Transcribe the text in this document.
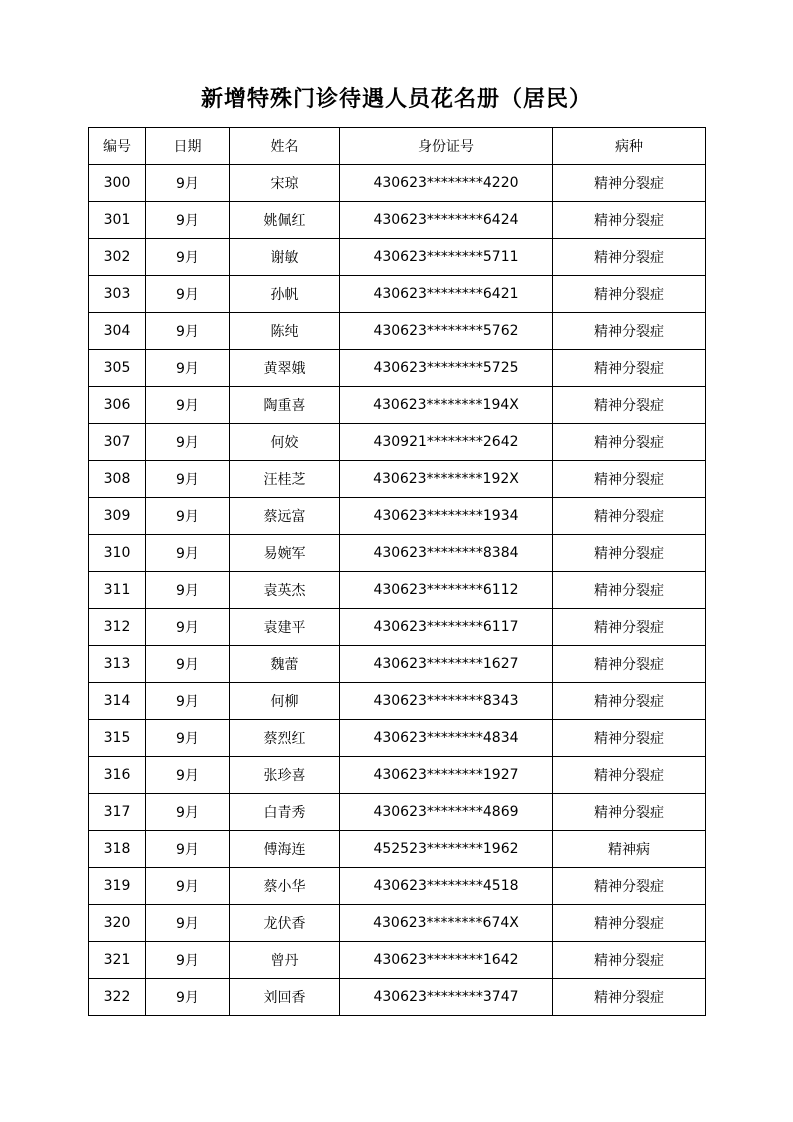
新增特殊门诊待遇人员花名册（居民）
编号	日期	姓名	身份证号	病种
300	9月	宋琼	430623********4220	精神分裂症
301	9月	姚佩红	430623********6424	精神分裂症
302	9月	谢敏	430623********5711	精神分裂症
303	9月	孙帆	430623********6421	精神分裂症
304	9月	陈纯	430623********5762	精神分裂症
305	9月	黄翠娥	430623********5725	精神分裂症
306	9月	陶重喜	430623********194X	精神分裂症
307	9月	何姣	430921********2642	精神分裂症
308	9月	汪桂芝	430623********192X	精神分裂症
309	9月	蔡远富	430623********1934	精神分裂症
310	9月	易婉军	430623********8384	精神分裂症
311	9月	袁英杰	430623********6112	精神分裂症
312	9月	袁建平	430623********6117	精神分裂症
313	9月	魏蕾	430623********1627	精神分裂症
314	9月	何柳	430623********8343	精神分裂症
315	9月	蔡烈红	430623********4834	精神分裂症
316	9月	张珍喜	430623********1927	精神分裂症
317	9月	白青秀	430623********4869	精神分裂症
318	9月	傅海连	452523********1962	精神病
319	9月	蔡小华	430623********4518	精神分裂症
320	9月	龙伏香	430623********674X	精神分裂症
321	9月	曾丹	430623********1642	精神分裂症
322	9月	刘回香	430623********3747	精神分裂症
